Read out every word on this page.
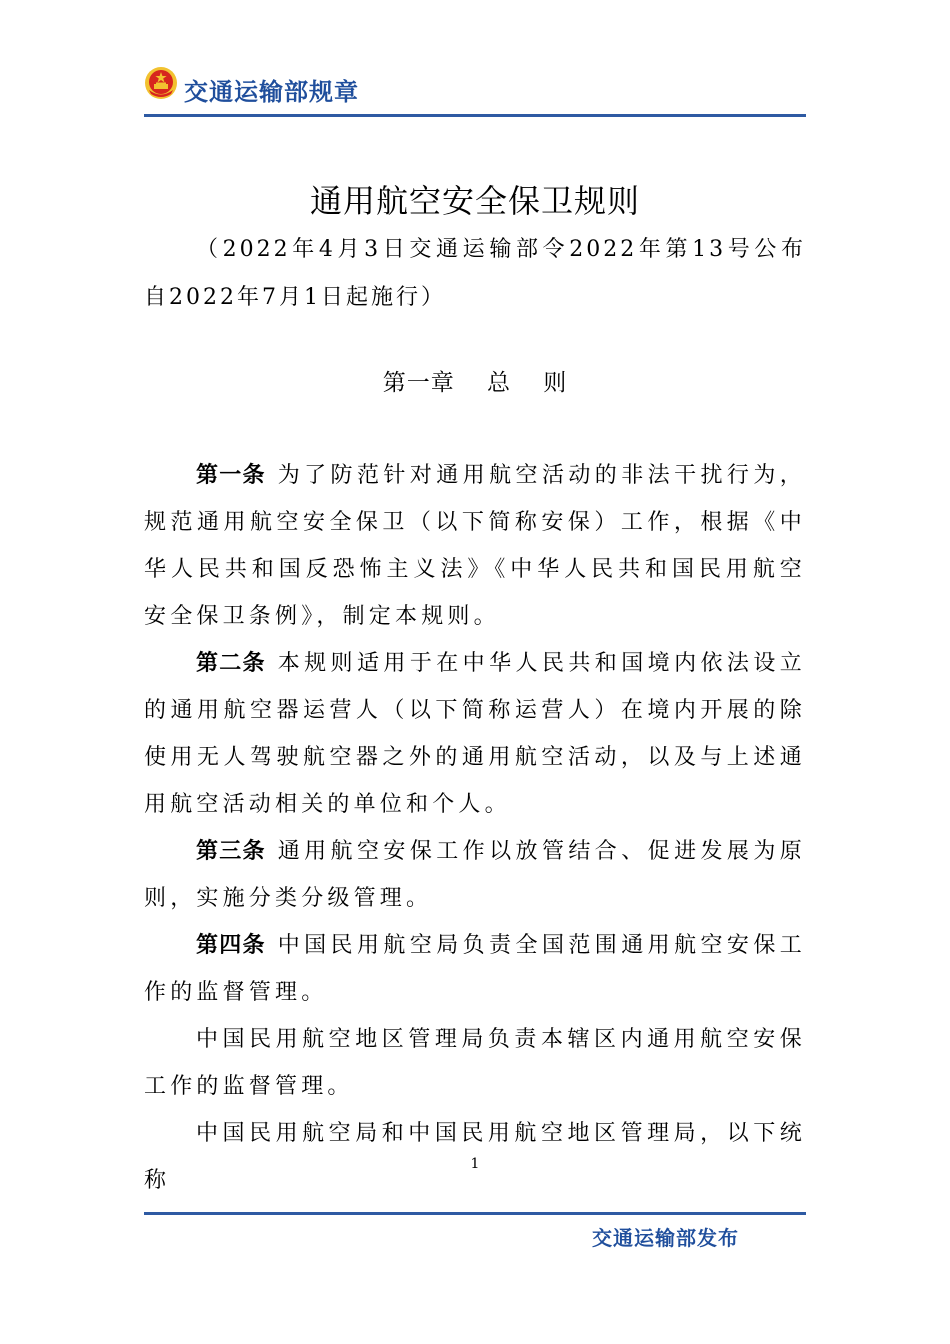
交通运输部规章
通用航空安全保卫规则
（2022年4月3日交通运输部令2022年第13号公布 自2022年7月1日起施行）
第一章　 总　 则

第一条 为了防范针对通用航空活动的非法干扰行为，规范通用航空安全保卫（以下简称安保）工作，根据《中华人民共和国反恐怖主义法》《中华人民共和国民用航空安全保卫条例》，制定本规则。

第二条 本规则适用于在中华人民共和国境内依法设立的通用航空器运营人（以下简称运营人）在境内开展的除使用无人驾驶航空器之外的通用航空活动，以及与上述通用航空活动相关的单位和个人。

第三条 通用航空安保工作以放管结合、促进发展为原则，实施分类分级管理。

第四条 中国民用航空局负责全国范围通用航空安保工作的监督管理。

中国民用航空地区管理局负责本辖区内通用航空安保工作的监督管理。

中国民用航空局和中国民用航空地区管理局，以下统称

1
交通运输部发布
